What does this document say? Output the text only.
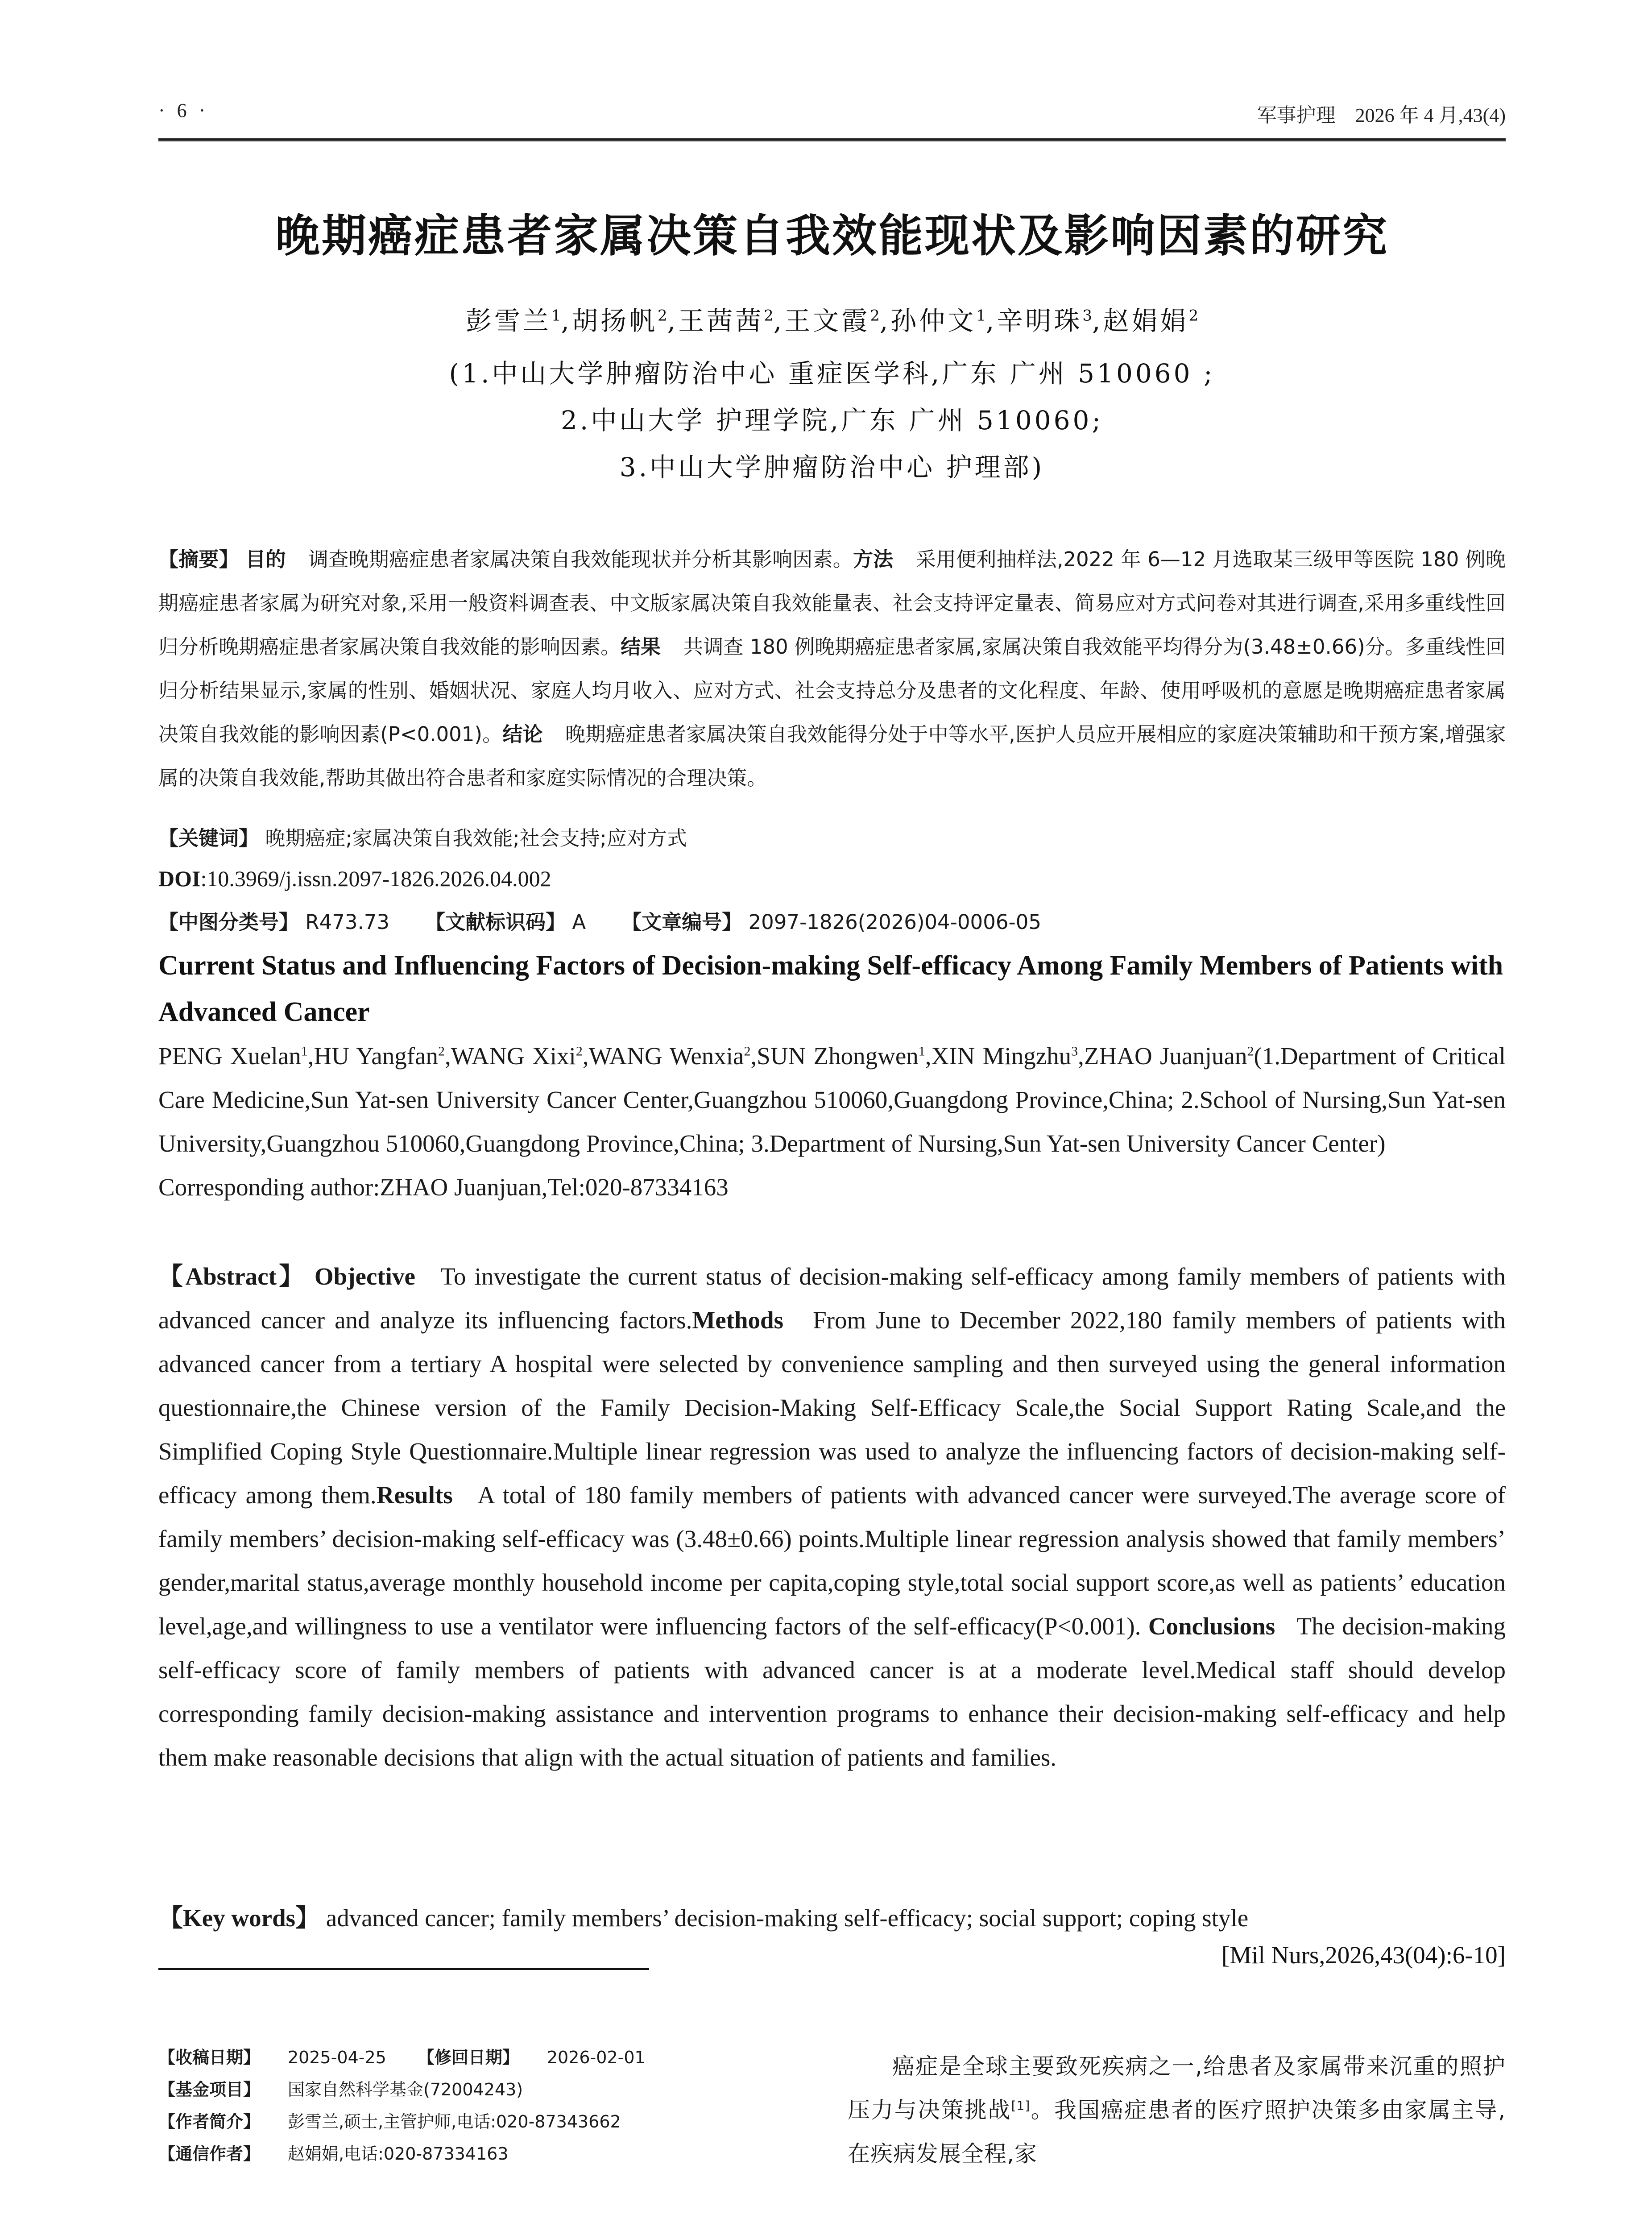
· 6 ·	军事护理　2026 年 4 月,43(4)
晚期癌症患者家属决策自我效能现状及影响因素的研究
彭雪兰$^1$,胡扬帆$^2$,王茜茜$^2$,王文霞$^2$,孙仲文$^1$,辛明珠$^3$,赵娟娟$^2$
(1.中山大学肿瘤防治中心 重症医学科,广东 广州 510060 ;
2.中山大学 护理学院,广东 广州 510060;
3.中山大学肿瘤防治中心 护理部)
【摘要】 目的 调查晚期癌症患者家属决策自我效能现状并分析其影响因素。方法 采用便利抽样法,2022 年 6—12 月选取某三级甲等医院 180 例晚期癌症患者家属为研究对象,采用一般资料调查表、中文版家属决策自我效能量表、社会支持评定量表、简易应对方式问卷对其进行调查,采用多重线性回归分析晚期癌症患者家属决策自我效能的影响因素。结果 共调查 180 例晚期癌症患者家属,家属决策自我效能平均得分为(3.48±0.66)分。多重线性回归分析结果显示,家属的性别、婚姻状况、家庭人均月收入、应对方式、社会支持总分及患者的文化程度、年龄、使用呼吸机的意愿是晚期癌症患者家属决策自我效能的影响因素(P<0.001)。结论 晚期癌症患者家属决策自我效能得分处于中等水平,医护人员应开展相应的家庭决策辅助和干预方案,增强家属的决策自我效能,帮助其做出符合患者和家庭实际情况的合理决策。
【关键词】 晚期癌症;家属决策自我效能;社会支持;应对方式
DOI:10.3969/j.issn.2097-1826.2026.04.002
【中图分类号】 R473.73 【文献标识码】 A 【文章编号】 2097-1826(2026)04-0006-05
Current Status and Influencing Factors of Decision-making Self-efficacy Among Family Members of Patients with Advanced Cancer
PENG Xuelan$^1$,HU Yangfan$^2$,WANG Xixi$^2$,WANG Wenxia$^2$,SUN Zhongwen$^1$,XIN Mingzhu$^3$,ZHAO Juanjuan$^2$(1.Department of Critical Care Medicine,Sun Yat-sen University Cancer Center,Guangzhou 510060,Guangdong Province,China; 2.School of Nursing,Sun Yat-sen University,Guangzhou 510060,Guangdong Province,China; 3.Department of Nursing,Sun Yat-sen University Cancer Center)
Corresponding author:ZHAO Juanjuan,Tel:020-87334163
【Abstract】 Objective To investigate the current status of decision-making self-efficacy among family members of patients with advanced cancer and analyze its influencing factors.Methods From June to December 2022,180 family members of patients with advanced cancer from a tertiary A hospital were selected by convenience sampling and then surveyed using the general information questionnaire,the Chinese version of the Family Decision-Making Self-Efficacy Scale,the Social Support Rating Scale,and the Simplified Coping Style Questionnaire.Multiple linear regression was used to analyze the influencing factors of decision-making self-efficacy among them.Results A total of 180 family members of patients with advanced cancer were surveyed.The average score of family members’ decision-making self-efficacy was (3.48±0.66) points.Multiple linear regression analysis showed that family members’ gender,marital status,average monthly household income per capita,coping style,total social support score,as well as patients’ education level,age,and willingness to use a ventilator were influencing factors of the self-efficacy(P<0.001). Conclusions The decision-making self-efficacy score of family members of patients with advanced cancer is at a moderate level.Medical staff should develop corresponding family decision-making assistance and intervention programs to enhance their decision-making self-efficacy and help them make reasonable decisions that align with the actual situation of patients and families.
【Key words】 advanced cancer; family members’ decision-making self-efficacy; social support; coping style
[Mil Nurs,2026,43(04):6-10]
【收稿日期】 2025-04-25 【修回日期】 2026-02-01
【基金项目】 国家自然科学基金(72004243)
【作者简介】 彭雪兰,硕士,主管护师,电话:020-87343662
【通信作者】 赵娟娟,电话:020-87334163
癌症是全球主要致死疾病之一,给患者及家属带来沉重的照护压力与决策挑战[1]。我国癌症患者的医疗照护决策多由家属主导,在疾病发展全程,家
